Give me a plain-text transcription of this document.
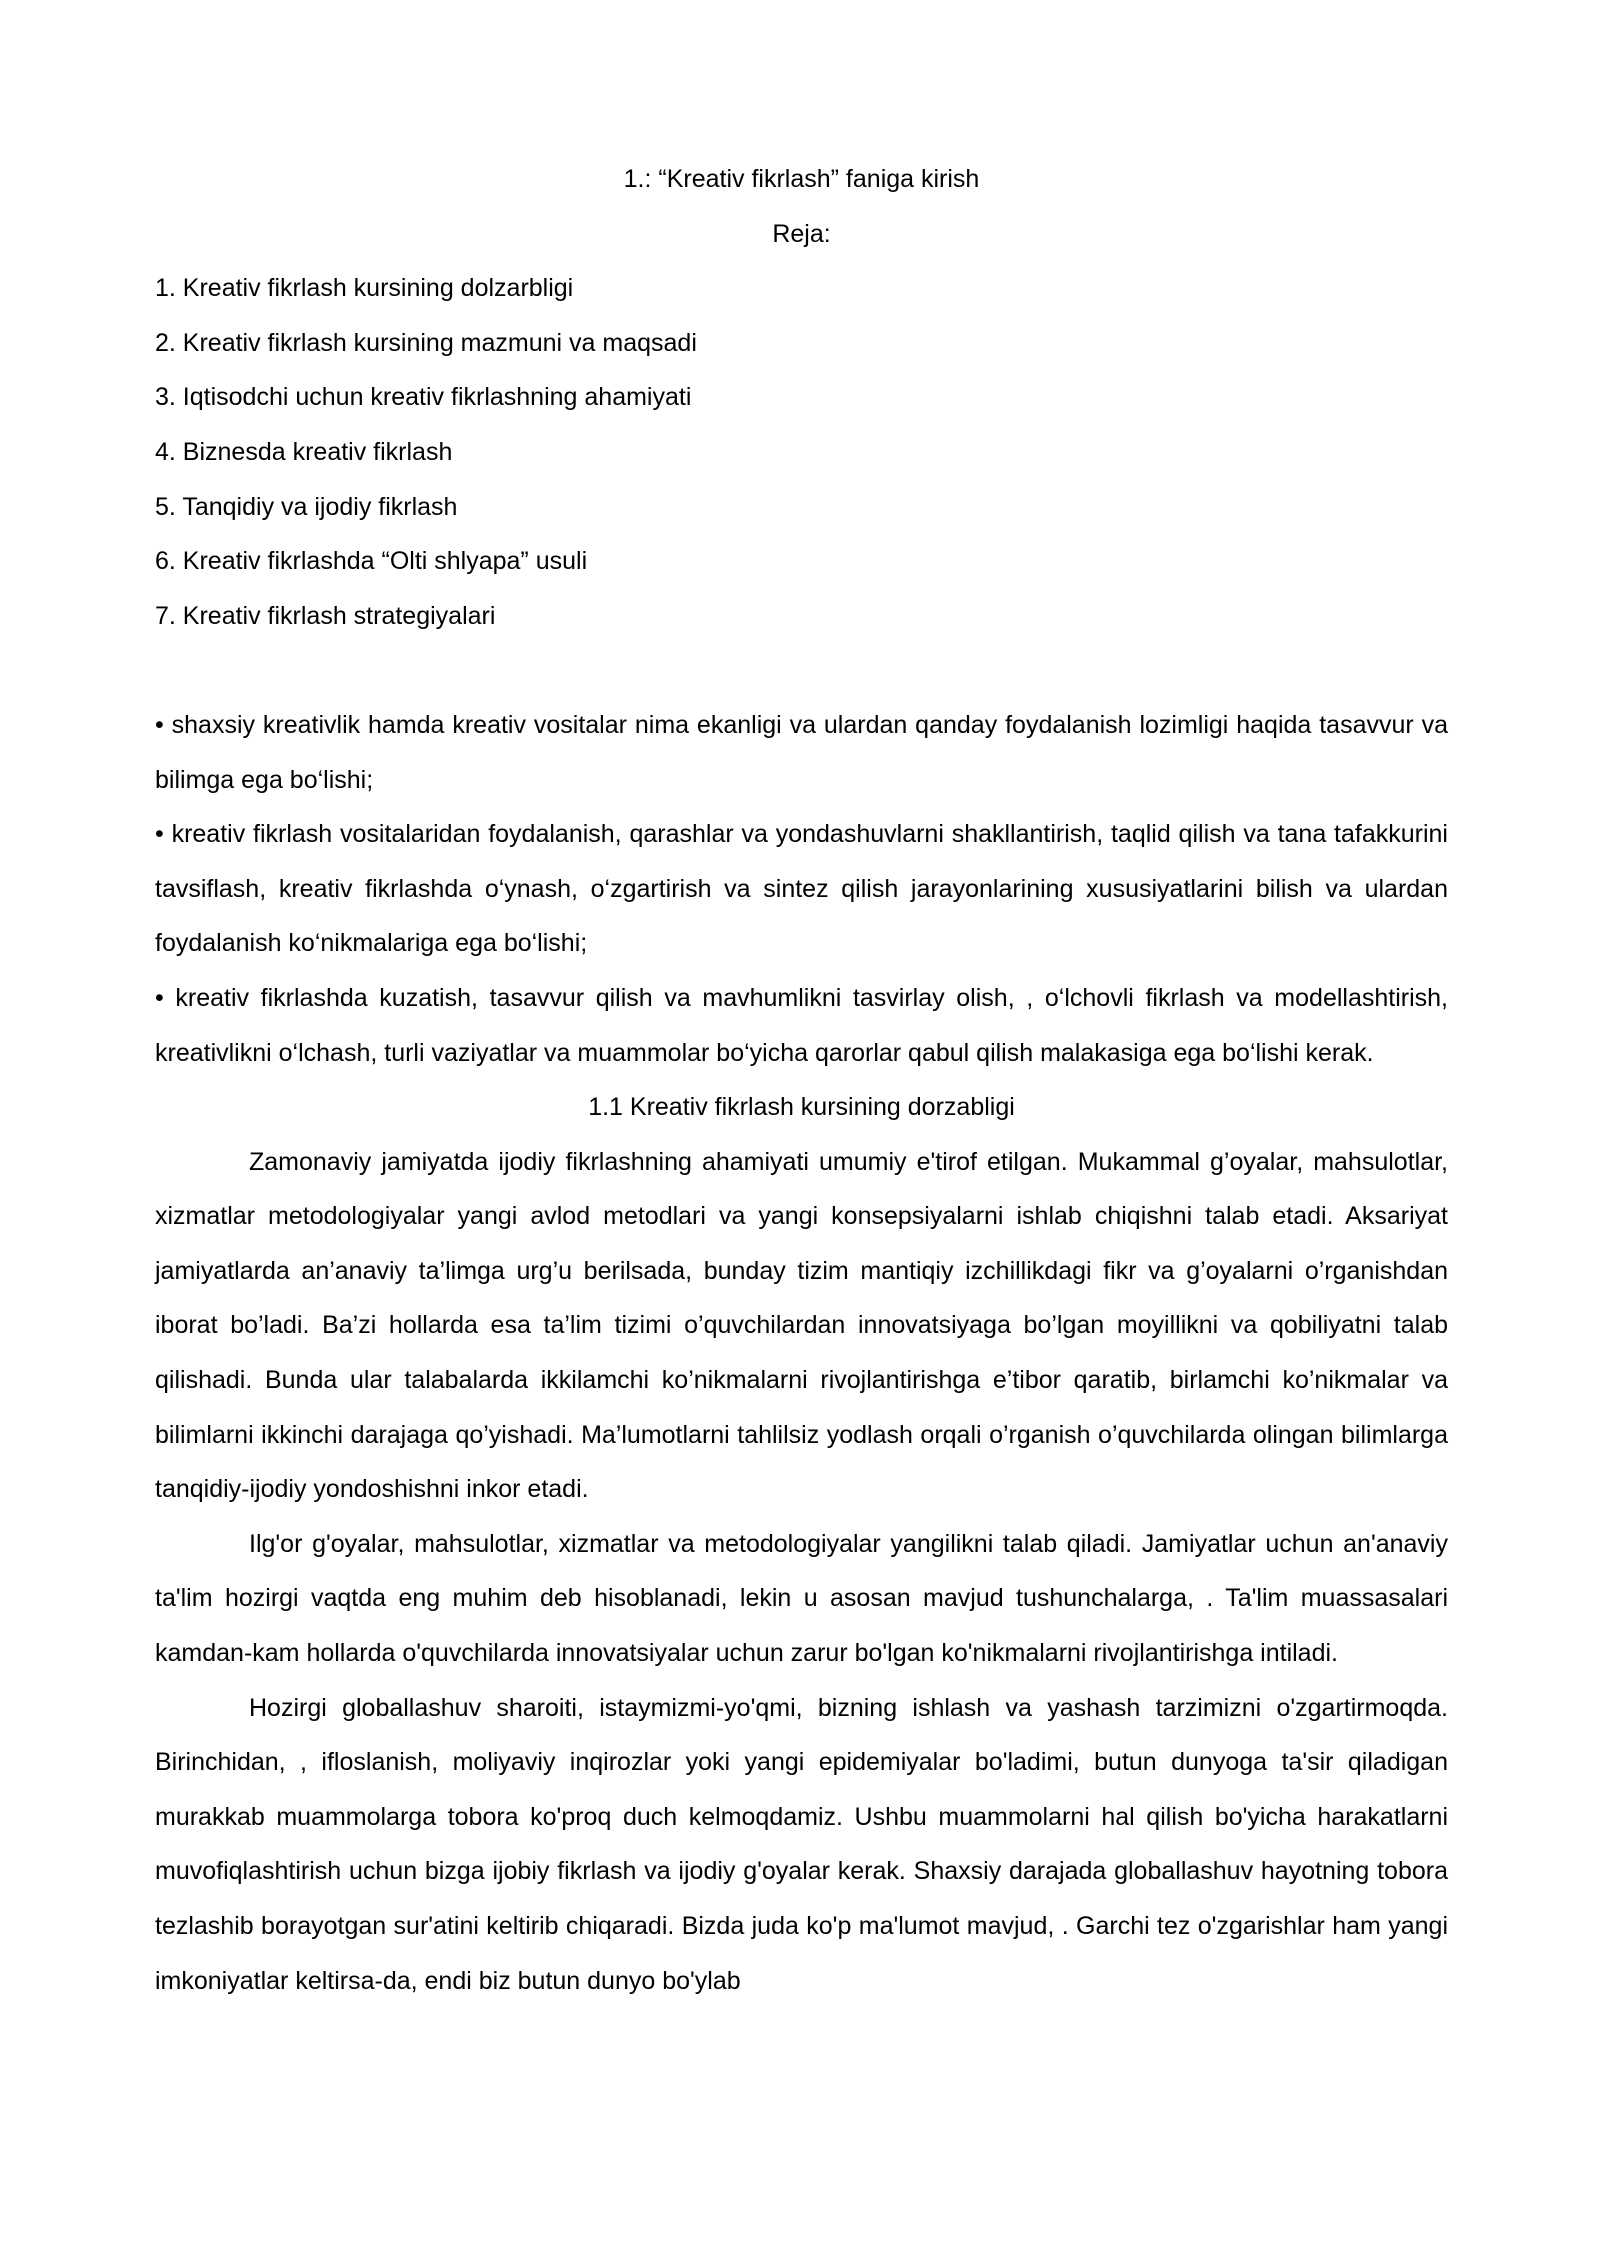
1.: “Kreativ fikrlash” faniga kirish

Reja:

1. Kreativ fikrlash kursining dolzarbligi
2. Kreativ fikrlash kursining mazmuni va maqsadi
3. Iqtisodchi uchun kreativ fikrlashning ahamiyati
4. Biznesda kreativ fikrlash
5. Tanqidiy va ijodiy fikrlash
6. Kreativ fikrlashda “Olti shlyapa” usuli
7. Kreativ fikrlash strategiyalari

• shaxsiy kreativlik hamda kreativ vositalar nima ekanligi va ulardan qanday foydalanish lozimligi haqida tasavvur va bilimga ega bo‘lishi;

• kreativ fikrlash vositalaridan foydalanish, qarashlar va yondashuvlarni shakllantirish, taqlid qilish va tana tafakkurini tavsiflash, kreativ fikrlashda o‘ynash, o‘zgartirish va sintez qilish jarayonlarining xususiyatlarini bilish va ulardan foydalanish ko‘nikmalariga ega bo‘lishi;

• kreativ fikrlashda kuzatish, tasavvur qilish va mavhumlikni tasvirlay olish, , o‘lchovli fikrlash va modellashtirish, kreativlikni o‘lchash, turli vaziyatlar va muammolar bo‘yicha qarorlar qabul qilish malakasiga ega bo‘lishi kerak.

1.1 Kreativ fikrlash kursining dorzabligi

Zamonaviy jamiyatda ijodiy fikrlashning ahamiyati umumiy e'tirof etilgan. Mukammal g’oyalar, mahsulotlar, xizmatlar metodologiyalar yangi avlod metodlari va yangi konsepsiyalarni ishlab chiqishni talab etadi. Aksariyat jamiyatlarda an’anaviy ta’limga urg’u berilsada, bunday tizim mantiqiy izchillikdagi fikr va g’oyalarni o’rganishdan iborat bo’ladi. Ba’zi hollarda esa ta’lim tizimi o’quvchilardan innovatsiyaga bo’lgan moyillikni va qobiliyatni talab qilishadi. Bunda ular talabalarda ikkilamchi ko’nikmalarni rivojlantirishga e’tibor qaratib, birlamchi ko’nikmalar va bilimlarni ikkinchi darajaga qo’yishadi. Ma’lumotlarni tahlilsiz yodlash orqali o’rganish o’quvchilarda olingan bilimlarga tanqidiy-ijodiy yondoshishni inkor etadi.

Ilg'or g'oyalar, mahsulotlar, xizmatlar va metodologiyalar yangilikni talab qiladi. Jamiyatlar uchun an'anaviy ta'lim hozirgi vaqtda eng muhim deb hisoblanadi, lekin u asosan mavjud tushunchalarga, . Ta'lim muassasalari kamdan-kam hollarda o'quvchilarda innovatsiyalar uchun zarur bo'lgan ko'nikmalarni rivojlantirishga intiladi.

Hozirgi globallashuv sharoiti, istaymizmi-yo'qmi, bizning ishlash va yashash tarzimizni o'zgartirmoqda. Birinchidan, , ifloslanish, moliyaviy inqirozlar yoki yangi epidemiyalar bo'ladimi, butun dunyoga ta'sir qiladigan murakkab muammolarga tobora ko'proq duch kelmoqdamiz. Ushbu muammolarni hal qilish bo'yicha harakatlarni muvofiqlashtirish uchun bizga ijobiy fikrlash va ijodiy g'oyalar kerak. Shaxsiy darajada globallashuv hayotning tobora tezlashib borayotgan sur'atini keltirib chiqaradi. Bizda juda ko'p ma'lumot mavjud, . Garchi tez o'zgarishlar ham yangi imkoniyatlar keltirsa-da, endi biz butun dunyo bo'ylab
